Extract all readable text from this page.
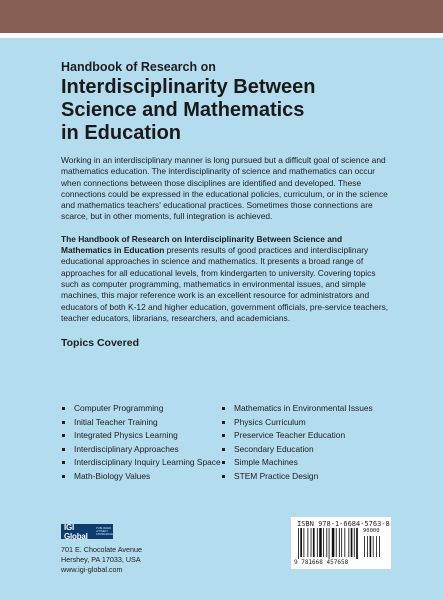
Handbook of Research on

Interdisciplinarity Between
Science and Mathematics
in Education

Working in an interdisciplinary manner is long pursued but a difficult goal of science and mathematics education. The interdisciplinarity of science and mathematics can occur when connections between those disciplines are identified and developed. These connections could be expressed in the educational policies, curriculum, or in the science and mathematics teachers' educational practices. Sometimes those connections are scarce, but in other moments, full integration is achieved.

The Handbook of Research on Interdisciplinarity Between Science and Mathematics in Education presents results of good practices and interdisciplinary educational approaches in science and mathematics. It presents a broad range of approaches for all educational levels, from kindergarten to university. Covering topics such as computer programming, mathematics in environmental issues, and simple machines, this major reference work is an excellent resource for administrators and educators of both K-12 and higher education, government officials, pre-service teachers, teacher educators, librarians, researchers, and academicians.

Topics Covered

Computer Programming
Initial Teacher Training
Integrated Physics Learning
Interdisciplinary Approaches
Interdisciplinary Inquiry Learning Space
Math-Biology Values
Mathematics in Environmental Issues
Physics Curriculum
Preservice Teacher Education
Secondary Education
Simple Machines
STEM Practice Design
IGI Global
PUBLISHER of TIMELY KNOWLEDGE
701 E. Chocolate Avenue
Hershey, PA 17033, USA
www.igi-global.com
ISBN 978-1-6684-5763-8
9 781668 457658
90000
